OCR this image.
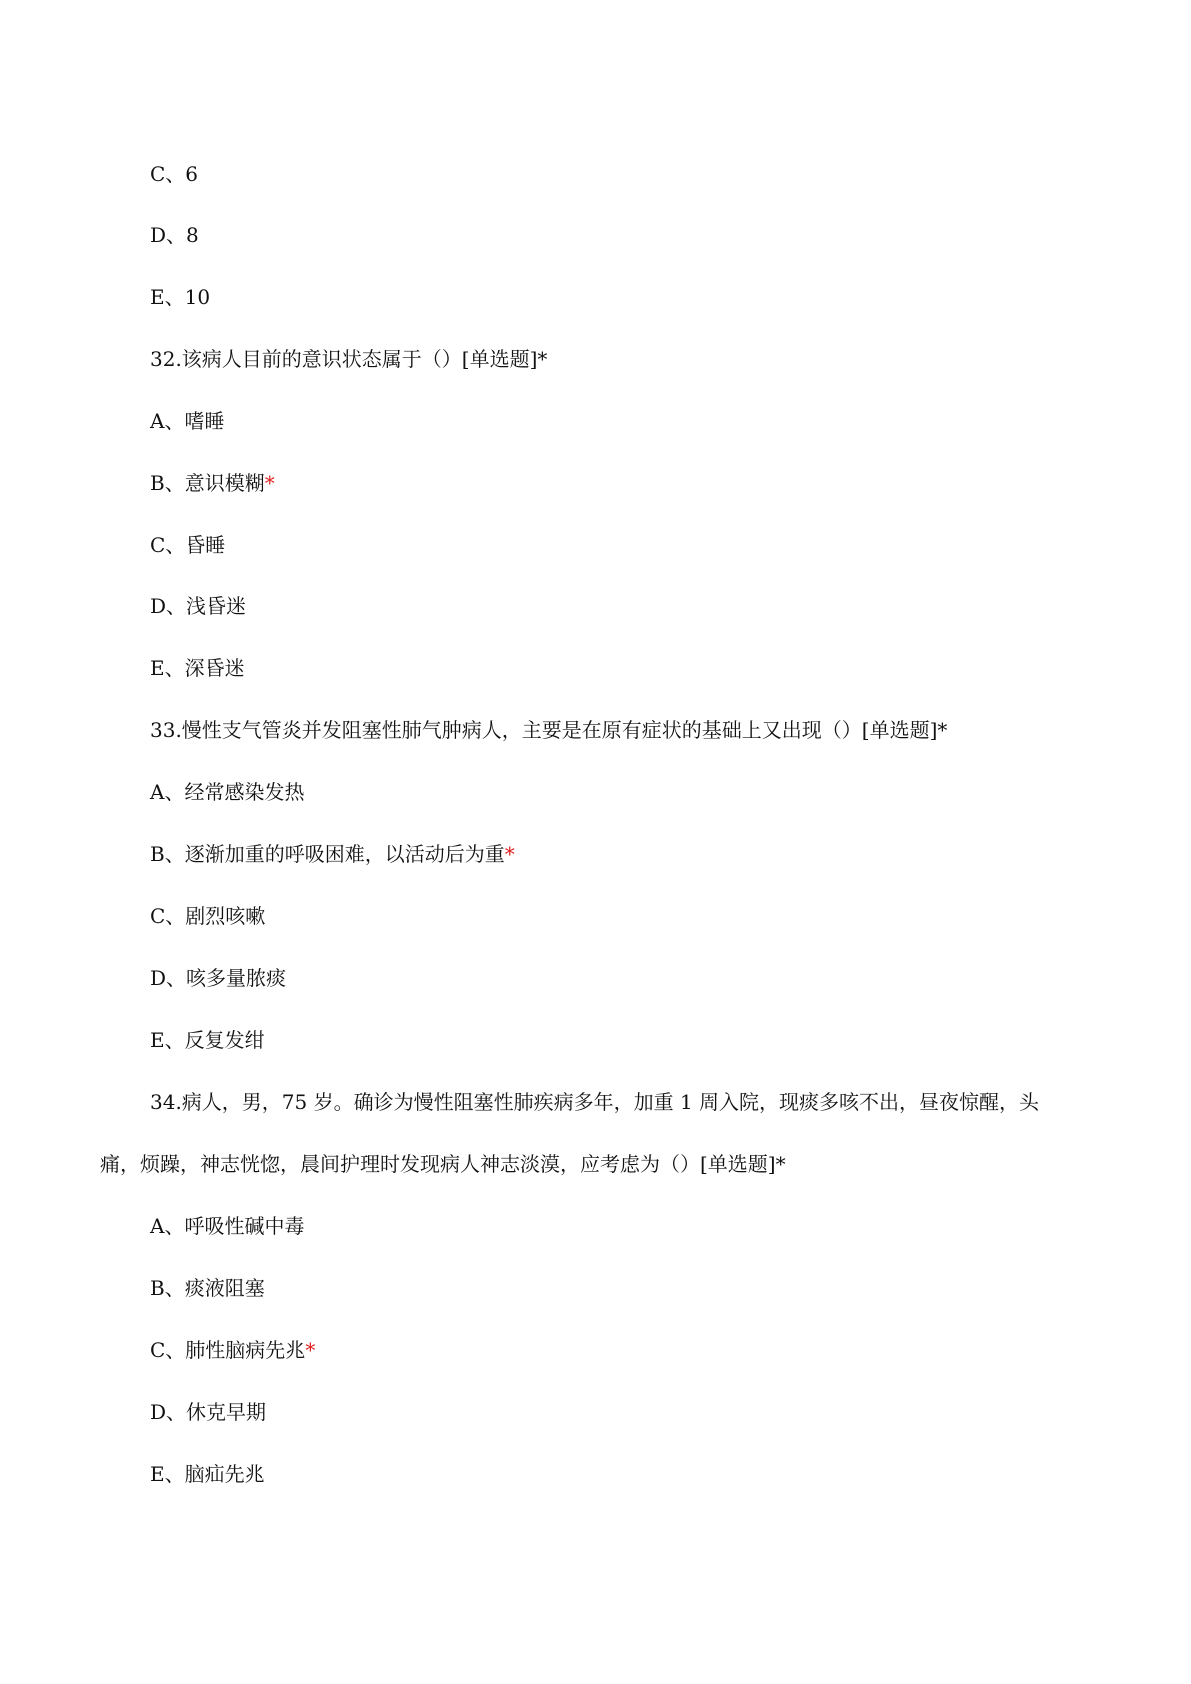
C、6
D、8
E、10
32.该病人目前的意识状态属于（）[单选题]*
A、嗜睡
B、意识模糊*
C、昏睡
D、浅昏迷
E、深昏迷
33.慢性支气管炎并发阻塞性肺气肿病人，主要是在原有症状的基础上又出现（）[单选题]*
A、经常感染发热
B、逐渐加重的呼吸困难，以活动后为重*
C、剧烈咳嗽
D、咳多量脓痰
E、反复发绀
34.病人，男，75 岁。确诊为慢性阻塞性肺疾病多年，加重 1 周入院，现痰多咳不出，昼夜惊醒，头
痛，烦躁，神志恍惚，晨间护理时发现病人神志淡漠，应考虑为（）[单选题]*
A、呼吸性碱中毒
B、痰液阻塞
C、肺性脑病先兆*
D、休克早期
E、脑疝先兆
